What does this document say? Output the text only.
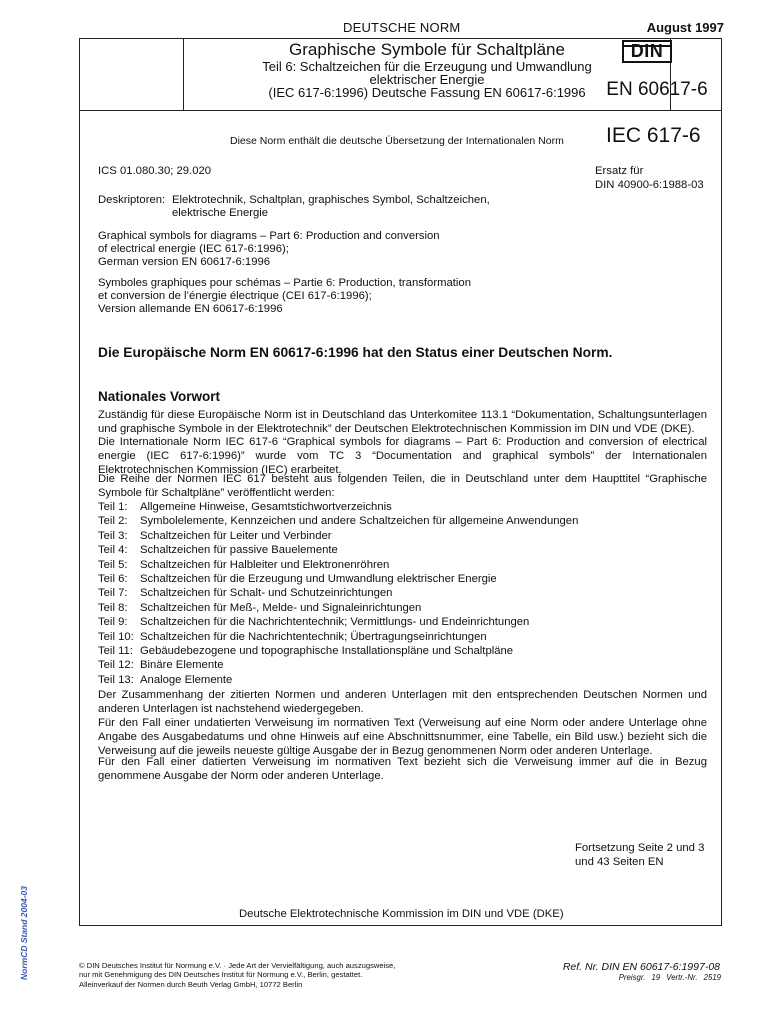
DEUTSCHE NORM	August 1997
Graphische Symbole für Schaltpläne
Teil 6: Schaltzeichen für die Erzeugung und Umwandlung
elektrischer Energie
(IEC 617-6:1996) Deutsche Fassung EN 60617-6:1996
DIN
EN 60617-6
Diese Norm enthält die deutsche Übersetzung der Internationalen Norm IEC 617-6
ICS 01.080.30; 29.020	Ersatz für
DIN 40900-6:1988-03
Deskriptoren: Elektrotechnik, Schaltplan, graphisches Symbol, Schaltzeichen,
elektrische Energie
Graphical symbols for diagrams – Part 6: Production and conversion
of electrical energie (IEC 617-6:1996);
German version EN 60617-6:1996
Symboles graphiques pour schémas – Partie 6: Production, transformation
et conversion de l’énergie électrique (CEI 617-6:1996);
Version allemande EN 60617-6:1996
Die Europäische Norm EN 60617-6:1996 hat den Status einer Deutschen Norm.
Nationales Vorwort
Zuständig für diese Europäische Norm ist in Deutschland das Unterkomitee 113.1 “Dokumentation, Schaltungsunterlagen und graphische Symbole in der Elektrotechnik” der Deutschen Elektrotechnischen Kommission im DIN und VDE (DKE).
Die Internationale Norm IEC 617-6 “Graphical symbols for diagrams – Part 6: Production and conversion of electrical energie (IEC 617-6:1996)” wurde vom TC 3 “Documentation and graphical symbols” der Internationalen Elektrotechnischen Kommission (IEC) erarbeitet.
Die Reihe der Normen IEC 617 besteht aus folgenden Teilen, die in Deutschland unter dem Haupttitel “Graphische Symbole für Schaltpläne” veröffentlicht werden:
Teil 1: Allgemeine Hinweise, Gesamtstichwortverzeichnis
Teil 2: Symbolelemente, Kennzeichen und andere Schaltzeichen für allgemeine Anwendungen
Teil 3: Schaltzeichen für Leiter und Verbinder
Teil 4: Schaltzeichen für passive Bauelemente
Teil 5: Schaltzeichen für Halbleiter und Elektronenröhren
Teil 6: Schaltzeichen für die Erzeugung und Umwandlung elektrischer Energie
Teil 7: Schaltzeichen für Schalt- und Schutzeinrichtungen
Teil 8: Schaltzeichen für Meß-, Melde- und Signaleinrichtungen
Teil 9: Schaltzeichen für die Nachrichtentechnik; Vermittlungs- und Endeinrichtungen
Teil 10: Schaltzeichen für die Nachrichtentechnik; Übertragungseinrichtungen
Teil 11: Gebäudebezogene und topographische Installationspläne und Schaltpläne
Teil 12: Binäre Elemente
Teil 13: Analoge Elemente
Der Zusammenhang der zitierten Normen und anderen Unterlagen mit den entsprechenden Deutschen Normen und anderen Unterlagen ist nachstehend wiedergegeben.
Für den Fall einer undatierten Verweisung im normativen Text (Verweisung auf eine Norm oder andere Unterlage ohne Angabe des Ausgabedatums und ohne Hinweis auf eine Abschnittsnummer, eine Tabelle, ein Bild usw.) bezieht sich die Verweisung auf die jeweils neueste gültige Ausgabe der in Bezug genommenen Norm oder anderen Unterlage.
Für den Fall einer datierten Verweisung im normativen Text bezieht sich die Verweisung immer auf die in Bezug genommene Ausgabe der Norm oder anderen Unterlage.
Fortsetzung Seite 2 und 3
und 43 Seiten EN
Deutsche Elektrotechnische Kommission im DIN und VDE (DKE)
NormCD Stand 2004-03	© DIN Deutsches Institut für Normung e.V. · Jede Art der Vervielfältigung, auch auszugsweise,
nur mit Genehmigung des DIN Deutsches Institut für Normung e.V., Berlin, gestattet.
Alleinverkauf der Normen durch Beuth Verlag GmbH, 10772 Berlin
Ref. Nr. DIN EN 60617-6:1997-08
Preisgr. 19 Vertr.-Nr. 2519
